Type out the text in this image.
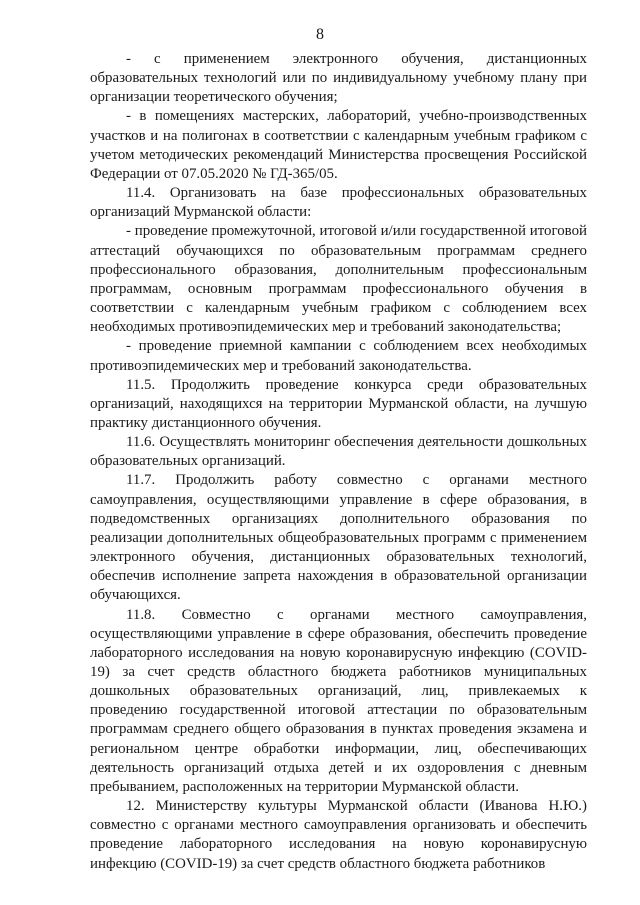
8

- с применением электронного обучения, дистанционных образовательных технологий или по индивидуальному учебному плану при организации теоретического обучения;

- в помещениях мастерских, лабораторий, учебно-производственных участков и на полигонах в соответствии с календарным учебным графиком с учетом методических рекомендаций Министерства просвещения Российской Федерации от 07.05.2020 № ГД-365/05.

11.4. Организовать на базе профессиональных образовательных организаций Мурманской области:

- проведение промежуточной, итоговой и/или государственной итоговой аттестаций обучающихся по образовательным программам среднего профессионального образования, дополнительным профессиональным программам, основным программам профессионального обучения в соответствии с календарным учебным графиком с соблюдением всех необходимых противоэпидемических мер и требований законодательства;

- проведение приемной кампании с соблюдением всех необходимых противоэпидемических мер и требований законодательства.

11.5. Продолжить проведение конкурса среди образовательных организаций, находящихся на территории Мурманской области, на лучшую практику дистанционного обучения.

11.6. Осуществлять мониторинг обеспечения деятельности дошкольных образовательных организаций.

11.7. Продолжить работу совместно с органами местного самоуправления, осуществляющими управление в сфере образования, в подведомственных организациях дополнительного образования по реализации дополнительных общеобразовательных программ с применением электронного обучения, дистанционных образовательных технологий, обеспечив исполнение запрета нахождения в образовательной организации обучающихся.

11.8. Совместно с органами местного самоуправления, осуществляющими управление в сфере образования, обеспечить проведение лабораторного исследования на новую коронавирусную инфекцию (COVID-19) за счет средств областного бюджета работников муниципальных дошкольных образовательных организаций, лиц, привлекаемых к проведению государственной итоговой аттестации по образовательным программам среднего общего образования в пунктах проведения экзамена и региональном центре обработки информации, лиц, обеспечивающих деятельность организаций отдыха детей и их оздоровления с дневным пребыванием, расположенных на территории Мурманской области.

12. Министерству культуры Мурманской области (Иванова Н.Ю.) совместно с органами местного самоуправления организовать и обеспечить проведение лабораторного исследования на новую коронавирусную инфекцию (COVID-19) за счет средств областного бюджета работников
